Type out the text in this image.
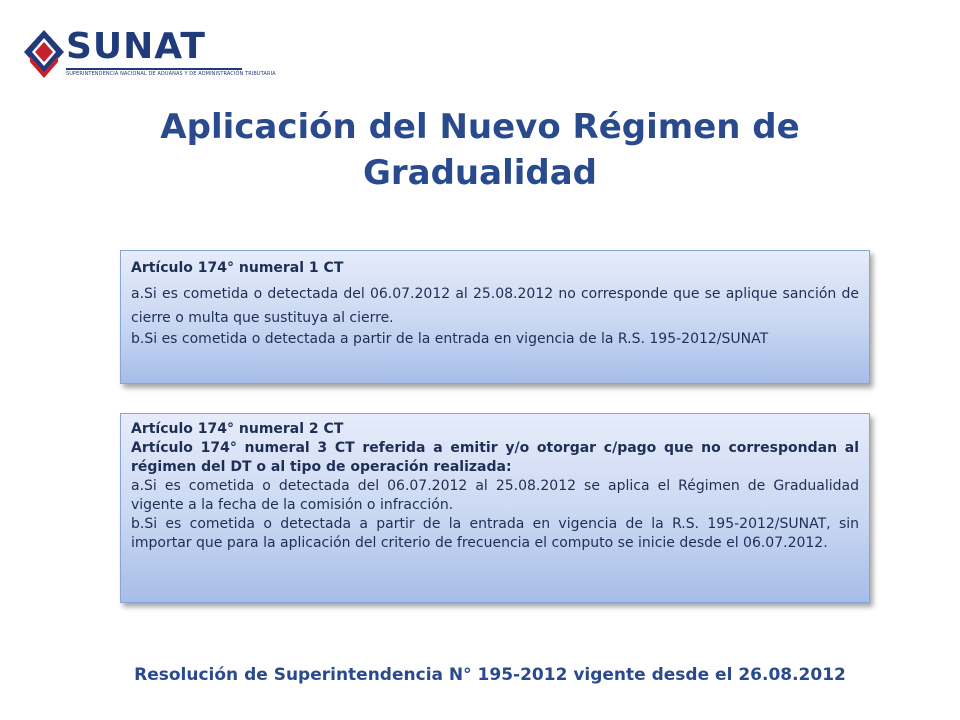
SUNAT
SUPERINTENDENCIA NACIONAL DE ADUANAS Y DE ADMINISTRACIÓN TRIBUTARIA
Aplicación del Nuevo Régimen de
Gradualidad

Artículo 174° numeral 1 CT

a.Si es cometida o detectada del 06.07.2012 al 25.08.2012 no corresponde que se aplique sanción de cierre o multa que sustituya al cierre.

b.Si es cometida o detectada a partir de la entrada en vigencia de la R.S. 195-2012/SUNAT

Artículo 174° numeral 2 CT

Artículo 174° numeral 3 CT referida a emitir y/o otorgar c/pago que no correspondan al régimen del DT o al tipo de operación realizada:

a.Si es cometida o detectada del 06.07.2012 al 25.08.2012 se aplica el Régimen de Gradualidad vigente a la fecha de la comisión o infracción.

b.Si es cometida o detectada a partir de la entrada en vigencia de la R.S. 195-2012/SUNAT, sin importar que para la aplicación del criterio de frecuencia el computo se inicie desde el 06.07.2012.

Resolución de Superintendencia N° 195-2012 vigente desde el 26.08.2012
